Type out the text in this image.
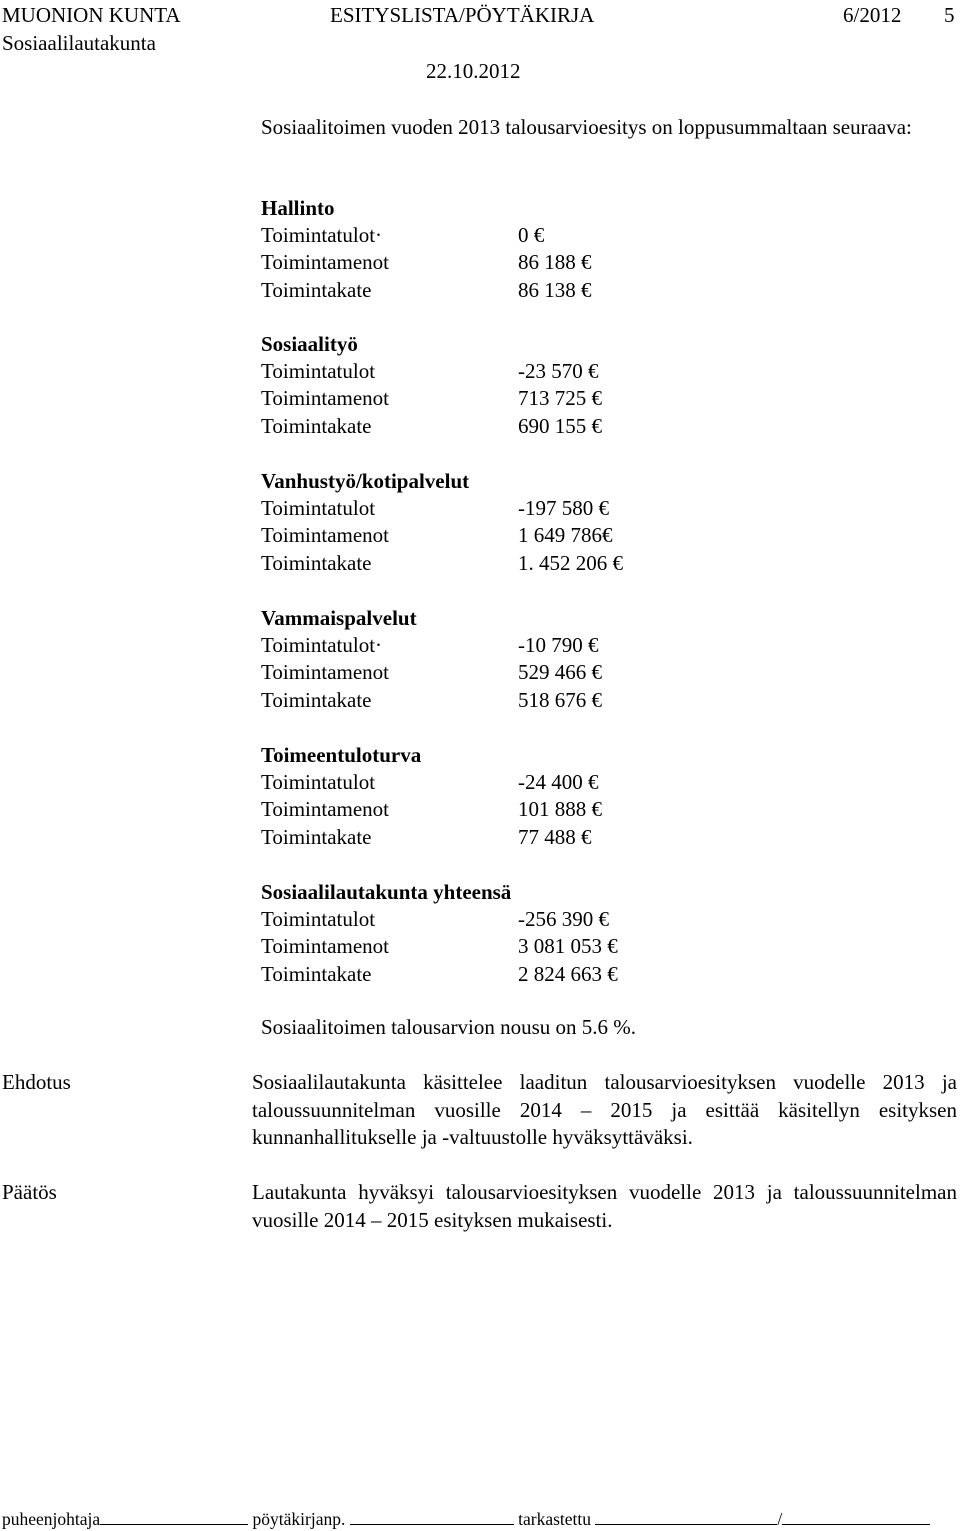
MUONION KUNTA	ESITYSLISTA/PÖYTÄKIRJA	6/2012 5
Sosiaalilautakunta
22.10.2012
Sosiaalitoimen vuoden 2013 talousarvioesitys on loppusummaltaan seuraava:
Hallinto
Toimintatulot·	0 €
Toimintamenot	86 188 €
Toimintakate	86 138 €
Sosiaalityö
Toimintatulot	-23 570 €
Toimintamenot	713 725 €
Toimintakate	690 155 €
Vanhustyö/kotipalvelut
Toimintatulot	-197 580 €
Toimintamenot	1 649 786€
Toimintakate	1. 452 206 €
Vammaispalvelut
Toimintatulot·	-10 790 €
Toimintamenot	529 466 €
Toimintakate	518 676 €
Toimeentuloturva
Toimintatulot	-24 400 €
Toimintamenot	101 888 €
Toimintakate	77 488 €
Sosiaalilautakunta yhteensä
Toimintatulot	-256 390 €
Toimintamenot	3 081 053 €
Toimintakate	2 824 663 €
Sosiaalitoimen talousarvion nousu on 5.6 %.
Ehdotus	Sosiaalilautakunta käsittelee laaditun talousarvioesityksen vuodelle 2013 ja taloussuunnitelman vuosille 2014 – 2015 ja esittää käsitellyn esityksen kunnanhallitukselle ja -valtuustolle hyväksyttäväksi.
Päätös	Lautakunta hyväksyi talousarvioesityksen vuodelle 2013 ja taloussuunnitelman vuosille 2014 – 2015 esityksen mukaisesti.
puheenjohtaja	pöytäkirjanp.	tarkastettu	/
